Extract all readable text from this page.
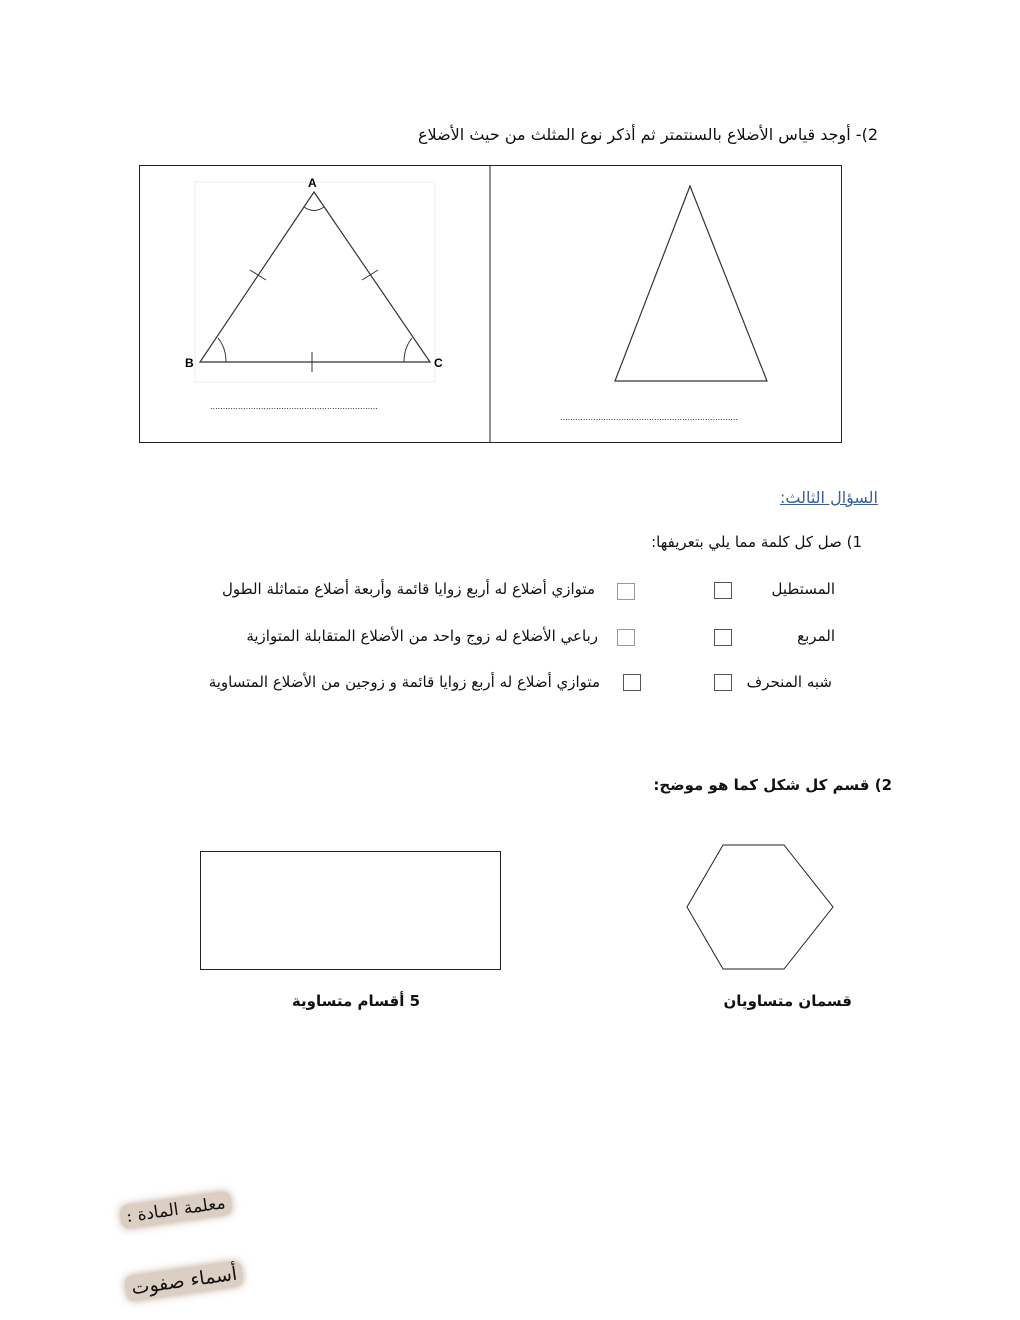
2)- أوجد قياس الأضلاع بالسنتمتر ثم أذكر نوع المثلث من حيث الأضلاع
A
B	C
..................................................................
......................................................................
السؤال الثالث:
1) صل كل كلمة مما يلي بتعريفها:
المستطيل
متوازي أضلاع له أربع زوايا قائمة وأربعة أضلاع متماثلة الطول
المربع
رباعي الأضلاع له زوج واحد من الأضلاع المتقابلة المتوازية
شبه المنحرف
متوازي أضلاع له أربع زوايا قائمة و زوجين من الأضلاع المتساوية
2) قسم كل شكل كما هو موضح:
5 أقسام متساوية	قسمان متساويان
معلمة المادة :
أسماء صفوت
